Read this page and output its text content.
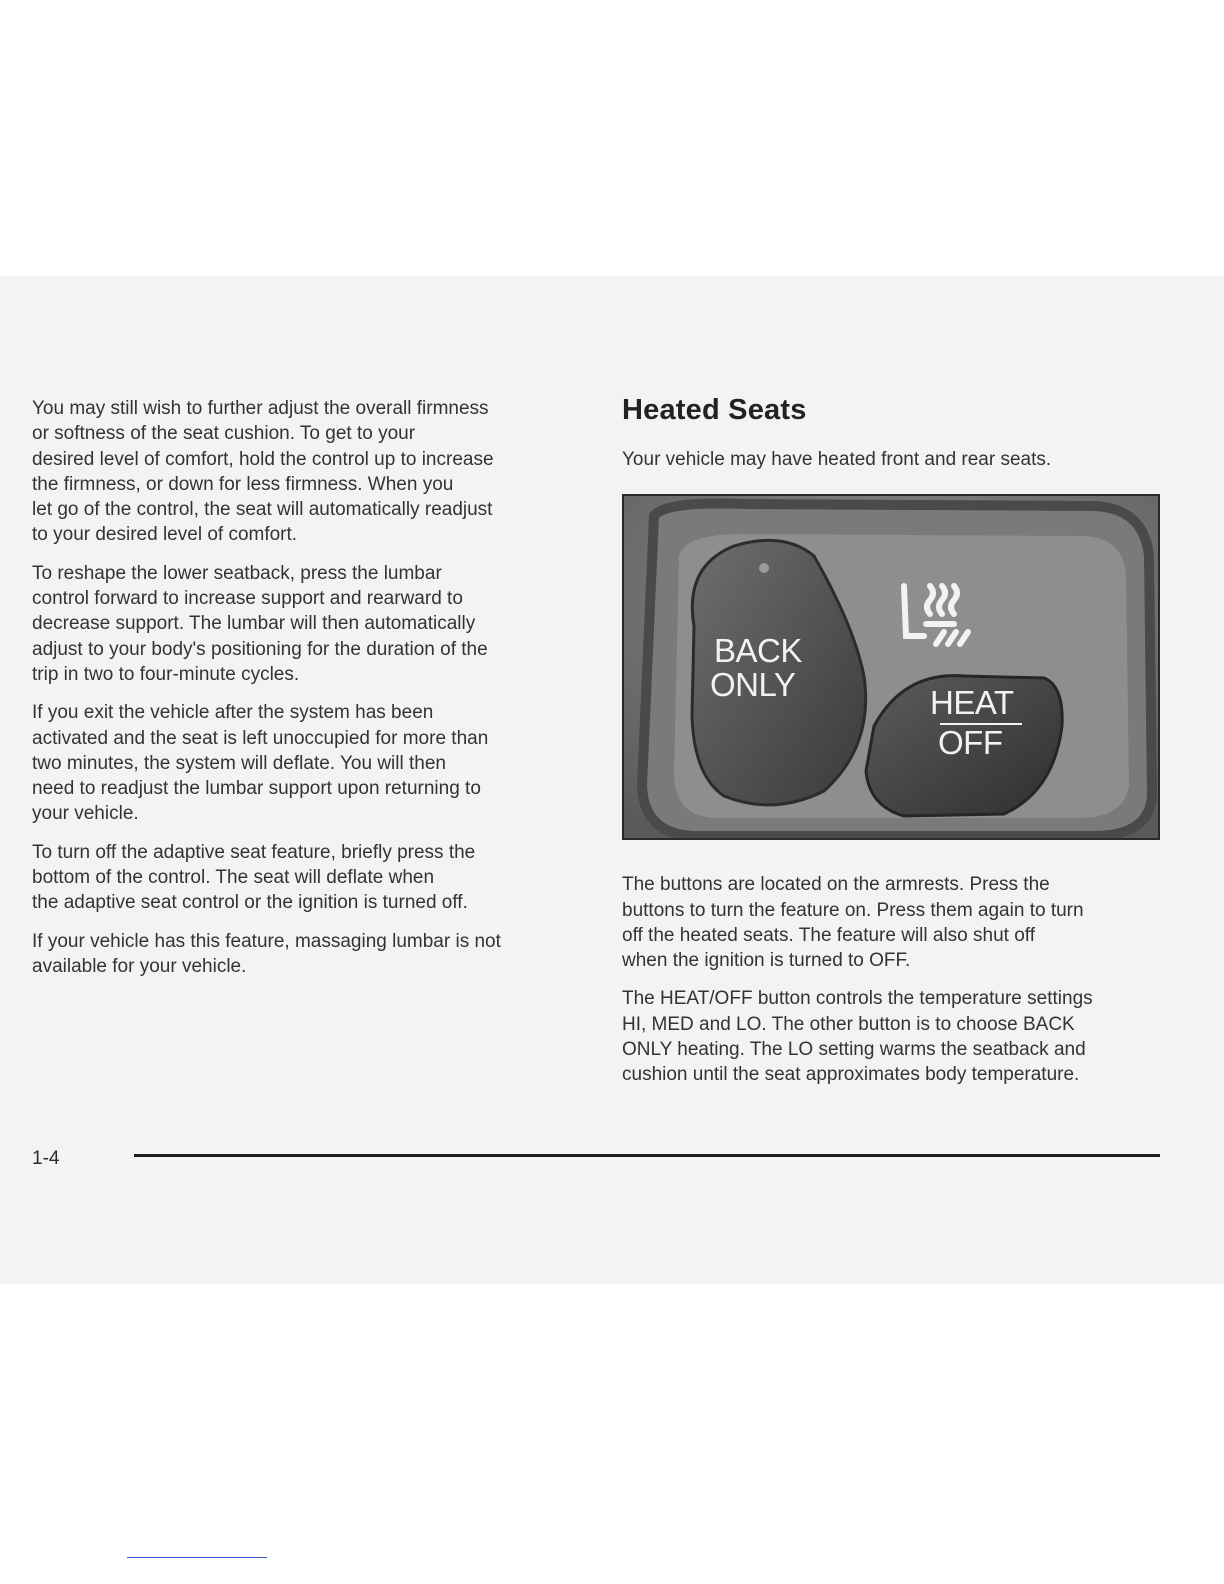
You may still wish to further adjust the overall firmness
or softness of the seat cushion. To get to your
desired level of comfort, hold the control up to increase
the firmness, or down for less firmness. When you
let go of the control, the seat will automatically readjust
to your desired level of comfort.

To reshape the lower seatback, press the lumbar
control forward to increase support and rearward to
decrease support. The lumbar will then automatically
adjust to your body's positioning for the duration of the
trip in two to four-minute cycles.

If you exit the vehicle after the system has been
activated and the seat is left unoccupied for more than
two minutes, the system will deflate. You will then
need to readjust the lumbar support upon returning to
your vehicle.

To turn off the adaptive seat feature, briefly press the
bottom of the control. The seat will deflate when
the adaptive seat control or the ignition is turned off.

If your vehicle has this feature, massaging lumbar is not
available for your vehicle.

Heated Seats

Your vehicle may have heated front and rear seats.

BACK
ONLY	HEAT
OFF

The buttons are located on the armrests. Press the
buttons to turn the feature on. Press them again to turn
off the heated seats. The feature will also shut off
when the ignition is turned to OFF.

The HEAT/OFF button controls the temperature settings
HI, MED and LO. The other button is to choose BACK
ONLY heating. The LO setting warms the seatback and
cushion until the seat approximates body temperature.

1-4
